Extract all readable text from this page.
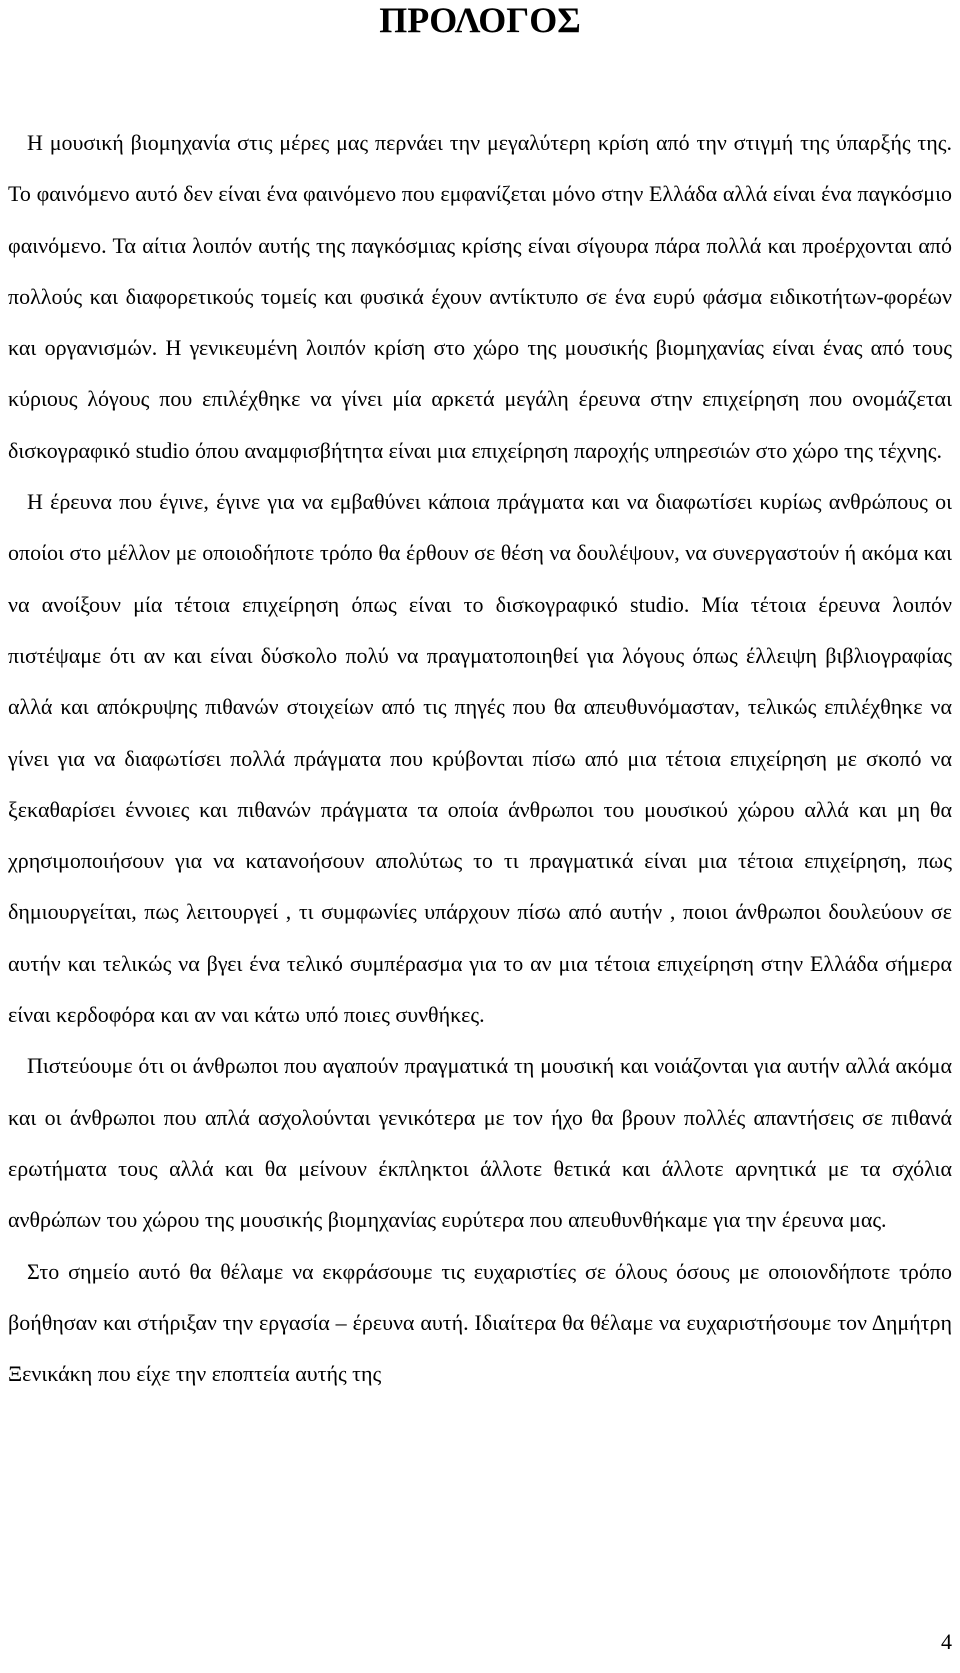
ΠΡΟΛΟΓΟΣ

Η μουσική βιομηχανία στις μέρες μας περνάει την μεγαλύτερη κρίση από την στιγμή της ύπαρξής της. Το φαινόμενο αυτό δεν είναι ένα φαινόμενο που εμφανίζεται μόνο στην Ελλάδα αλλά είναι ένα παγκόσμιο φαινόμενο. Τα αίτια λοιπόν αυτής της παγκόσμιας κρίσης είναι σίγουρα πάρα πολλά και προέρχονται από πολλούς και διαφορετικούς τομείς και φυσικά έχουν αντίκτυπο σε ένα ευρύ φάσμα ειδικοτήτων-φορέων και οργανισμών. Η γενικευμένη λοιπόν κρίση στο χώρο της μουσικής βιομηχανίας είναι ένας από τους κύριους λόγους που επιλέχθηκε να γίνει μία αρκετά μεγάλη έρευνα στην επιχείρηση που ονομάζεται δισκογραφικό studio όπου αναμφισβήτητα είναι μια επιχείρηση παροχής υπηρεσιών στο χώρο της τέχνης.

Η έρευνα που έγινε, έγινε για να εμβαθύνει κάποια πράγματα και να διαφωτίσει κυρίως ανθρώπους οι οποίοι στο μέλλον με οποιοδήποτε τρόπο θα έρθουν σε θέση να δουλέψουν, να συνεργαστούν ή ακόμα και να ανοίξουν μία τέτοια επιχείρηση όπως είναι το δισκογραφικό studio. Μία τέτοια έρευνα λοιπόν πιστέψαμε ότι αν και είναι δύσκολο πολύ να πραγματοποιηθεί για λόγους όπως έλλειψη βιβλιογραφίας αλλά και απόκρυψης πιθανών στοιχείων από τις πηγές που θα απευθυνόμασταν, τελικώς επιλέχθηκε να γίνει για να διαφωτίσει πολλά πράγματα που κρύβονται πίσω από μια τέτοια επιχείρηση με σκοπό να ξεκαθαρίσει έννοιες και πιθανών πράγματα τα οποία άνθρωποι του μουσικού χώρου αλλά και μη θα χρησιμοποιήσουν για να κατανοήσουν απολύτως το τι πραγματικά είναι μια τέτοια επιχείρηση, πως δημιουργείται, πως λειτουργεί , τι συμφωνίες υπάρχουν πίσω από αυτήν , ποιοι άνθρωποι δουλεύουν σε αυτήν και τελικώς να βγει ένα τελικό συμπέρασμα για το αν μια τέτοια επιχείρηση στην Ελλάδα σήμερα είναι κερδοφόρα και αν ναι κάτω υπό ποιες συνθήκες.

Πιστεύουμε ότι οι άνθρωποι που αγαπούν πραγματικά τη μουσική και νοιάζονται για αυτήν αλλά ακόμα και οι άνθρωποι που απλά ασχολούνται γενικότερα με τον ήχο θα βρουν πολλές απαντήσεις σε πιθανά ερωτήματα τους αλλά και θα μείνουν έκπληκτοι άλλοτε θετικά και άλλοτε αρνητικά με τα σχόλια ανθρώπων του χώρου της μουσικής βιομηχανίας ευρύτερα που απευθυνθήκαμε για την έρευνα μας.

Στο σημείο αυτό θα θέλαμε να εκφράσουμε τις ευχαριστίες σε όλους όσους με οποιονδήποτε τρόπο βοήθησαν και στήριξαν την εργασία – έρευνα αυτή. Ιδιαίτερα θα θέλαμε να ευχαριστήσουμε τον Δημήτρη Ξενικάκη που είχε την εποπτεία αυτής της

4
